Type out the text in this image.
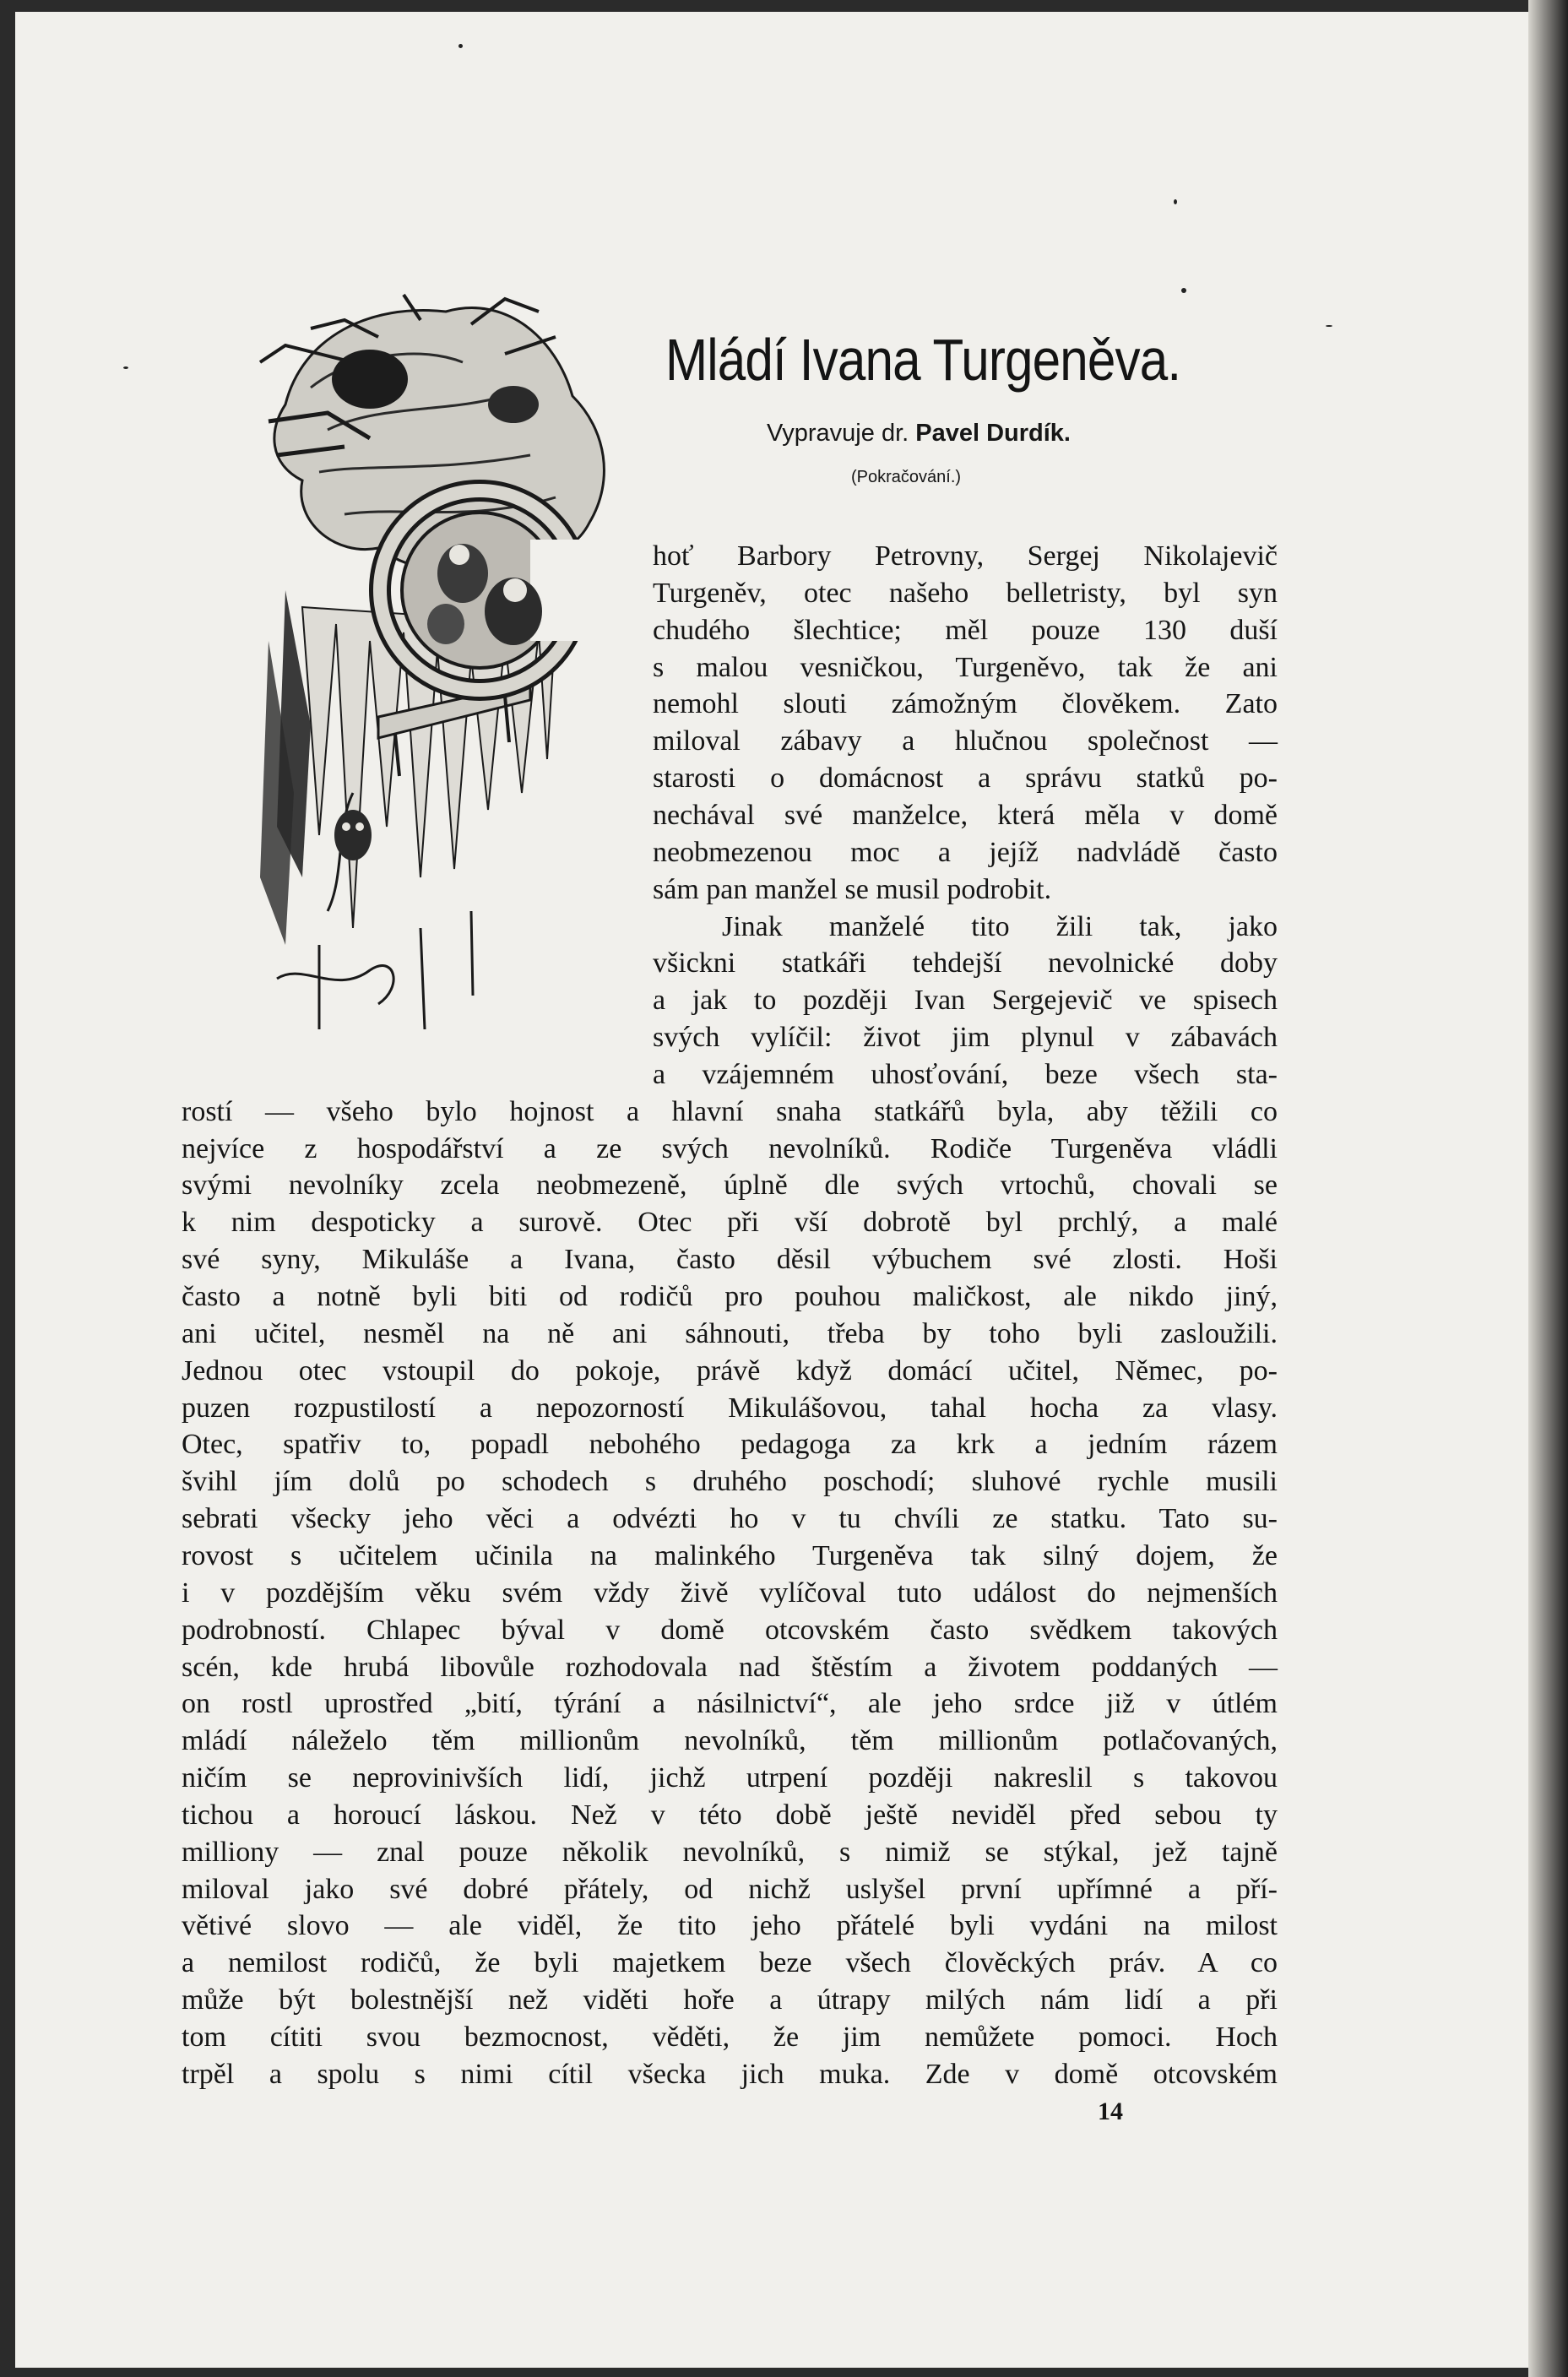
Mládí Ivana Turgeněva.
Vypravuje dr. Pavel Durdík.
(Pokračování.)
hoť Barbory Petrovny, Sergej Nikolajevič
Turgeněv, otec našeho belletristy, byl syn
chudého šlechtice; měl pouze 130 duší
s malou vesničkou, Turgeněvo, tak že ani
nemohl slouti zámožným člověkem. Zato
miloval zábavy a hlučnou společnost —
starosti o domácnost a správu statků po-
nechával své manželce, která měla v domě
neobmezenou moc a jejíž nadvládě často
sám pan manžel se musil podrobit.
Jinak manželé tito žili tak, jako
všickni statkáři tehdejší nevolnické doby
a jak to později Ivan Sergejevič ve spisech
svých vylíčil: život jim plynul v zábavách
a vzájemném uhosťování, beze všech sta-
rostí — všeho bylo hojnost a hlavní snaha statkářů byla, aby těžili co
nejvíce z hospodářství a ze svých nevolníků. Rodiče Turgeněva vládli
svými nevolníky zcela neobmezeně, úplně dle svých vrtochů, chovali se
k nim despoticky a surově. Otec při vší dobrotě byl prchlý, a malé
své syny, Mikuláše a Ivana, často děsil výbuchem své zlosti. Hoši
často a notně byli biti od rodičů pro pouhou maličkost, ale nikdo jiný,
ani učitel, nesměl na ně ani sáhnouti, třeba by toho byli zasloužili.
Jednou otec vstoupil do pokoje, právě když domácí učitel, Němec, po-
puzen rozpustilostí a nepozorností Mikulášovou, tahal hocha za vlasy.
Otec, spatřiv to, popadl nebohého pedagoga za krk a jedním rázem
švihl jím dolů po schodech s druhého poschodí; sluhové rychle musili
sebrati všecky jeho věci a odvézti ho v tu chvíli ze statku. Tato su-
rovost s učitelem učinila na malinkého Turgeněva tak silný dojem, že
i v pozdějším věku svém vždy živě vylíčoval tuto událost do nejmenších
podrobností. Chlapec býval v domě otcovském často svědkem takových
scén, kde hrubá libovůle rozhodovala nad štěstím a životem poddaných —
on rostl uprostřed „bití, týrání a násilnictví“, ale jeho srdce již v útlém
mládí náleželo těm millionům nevolníků, těm millionům potlačovaných,
ničím se neprovinivších lidí, jichž utrpení později nakreslil s takovou
tichou a horoucí láskou. Než v této době ještě neviděl před sebou ty
milliony — znal pouze několik nevolníků, s nimiž se stýkal, jež tajně
miloval jako své dobré přátely, od nichž uslyšel první upřímné a pří-
větivé slovo — ale viděl, že tito jeho přátelé byli vydáni na milost
a nemilost rodičů, že byli majetkem beze všech člověckých práv. A co
může být bolestnější než viděti hoře a útrapy milých nám lidí a při
tom cítiti svou bezmocnost, věděti, že jim nemůžete pomoci. Hoch
trpěl a spolu s nimi cítil všecka jich muka. Zde v domě otcovském
14
